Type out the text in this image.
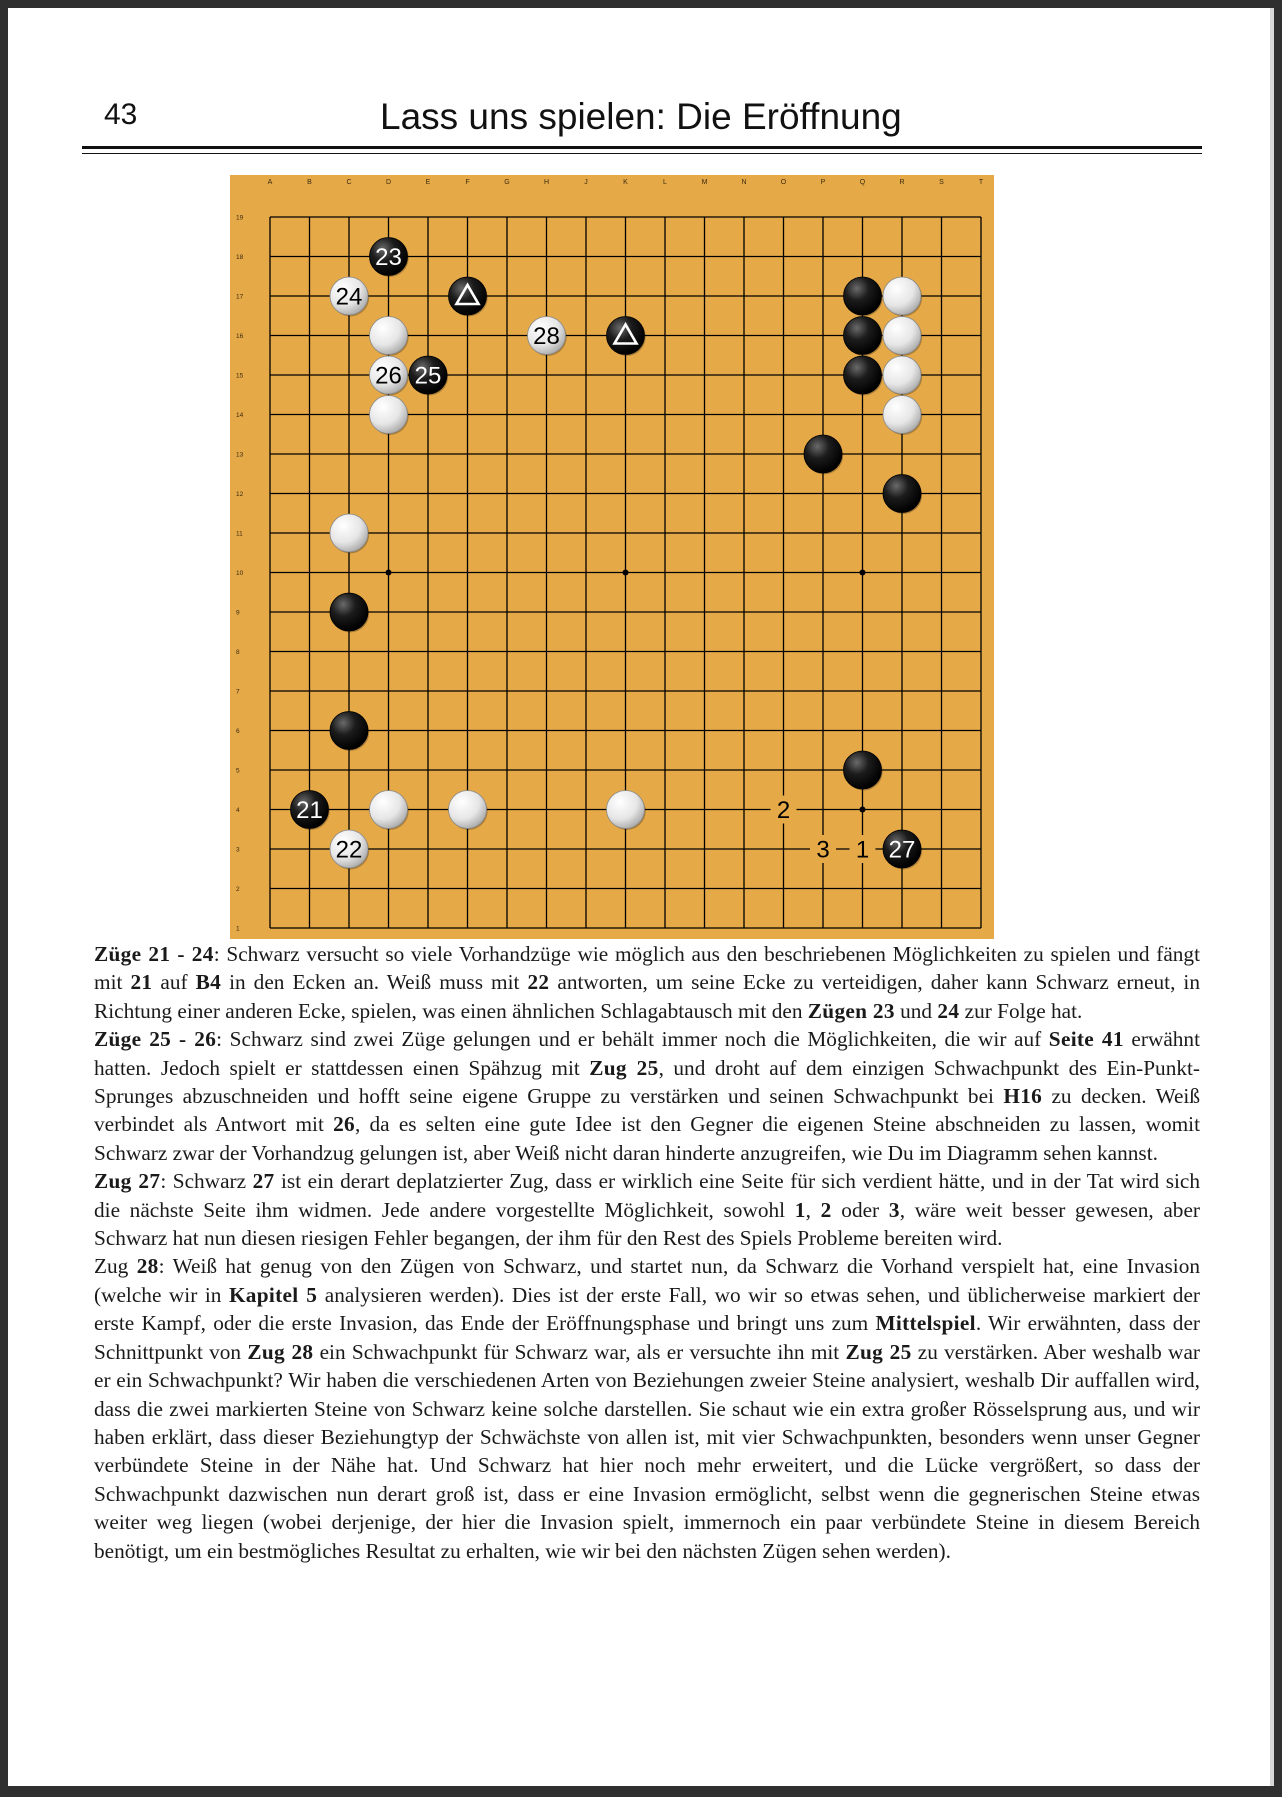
43	Lass uns spielen: Die Eröffnung
A	B	C	D	E	F	G	H	J	K	L	M	N	O	P	Q	R	S	T
19
18
17
16
15
14
13
12
11
10
9
8
7
6
5
4
3
2
1
23
24
28
26 25
21
22	27
2
3 1

Züge 21 - 24: Schwarz versucht so viele Vorhandzüge wie möglich aus den beschriebenen Möglichkeiten zu spielen und fängt mit 21 auf B4 in den Ecken an. Weiß muss mit 22 antworten, um seine Ecke zu verteidigen, daher kann Schwarz erneut, in Richtung einer anderen Ecke, spielen, was einen ähnlichen Schlagabtausch mit den Zügen 23 und 24 zur Folge hat.

Züge 25 - 26: Schwarz sind zwei Züge gelungen und er behält immer noch die Möglichkeiten, die wir auf Seite 41 erwähnt hatten. Jedoch spielt er stattdessen einen Spähzug mit Zug 25, und droht auf dem einzigen Schwachpunkt des Ein-Punkt-Sprunges abzuschneiden und hofft seine eigene Gruppe zu verstärken und seinen Schwachpunkt bei H16 zu decken. Weiß verbindet als Antwort mit 26, da es selten eine gute Idee ist den Gegner die eigenen Steine abschneiden zu lassen, womit Schwarz zwar der Vorhandzug gelungen ist, aber Weiß nicht daran hinderte anzugreifen, wie Du im Diagramm sehen kannst.

Zug 27: Schwarz 27 ist ein derart deplatzierter Zug, dass er wirklich eine Seite für sich verdient hätte, und in der Tat wird sich die nächste Seite ihm widmen. Jede andere vorgestellte Möglichkeit, sowohl 1, 2 oder 3, wäre weit besser gewesen, aber Schwarz hat nun diesen riesigen Fehler begangen, der ihm für den Rest des Spiels Probleme bereiten wird.

Zug 28: Weiß hat genug von den Zügen von Schwarz, und startet nun, da Schwarz die Vorhand verspielt hat, eine Invasion (welche wir in Kapitel 5 analysieren werden). Dies ist der erste Fall, wo wir so etwas sehen, und üblicherweise markiert der erste Kampf, oder die erste Invasion, das Ende der Eröffnungsphase und bringt uns zum Mittelspiel. Wir erwähnten, dass der Schnittpunkt von Zug 28 ein Schwachpunkt für Schwarz war, als er versuchte ihn mit Zug 25 zu verstärken. Aber weshalb war er ein Schwachpunkt? Wir haben die verschiedenen Arten von Beziehungen zweier Steine analysiert, weshalb Dir auffallen wird, dass die zwei markierten Steine von Schwarz keine solche darstellen. Sie schaut wie ein extra großer Rösselsprung aus, und wir haben erklärt, dass dieser Beziehungtyp der Schwächste von allen ist, mit vier Schwachpunkten, besonders wenn unser Gegner verbündete Steine in der Nähe hat. Und Schwarz hat hier noch mehr erweitert, und die Lücke vergrößert, so dass der Schwachpunkt dazwischen nun derart groß ist, dass er eine Invasion ermöglicht, selbst wenn die gegnerischen Steine etwas weiter weg liegen (wobei derjenige, der hier die Invasion spielt, immernoch ein paar verbündete Steine in diesem Bereich benötigt, um ein bestmögliches Resultat zu erhalten, wie wir bei den nächsten Zügen sehen werden).
